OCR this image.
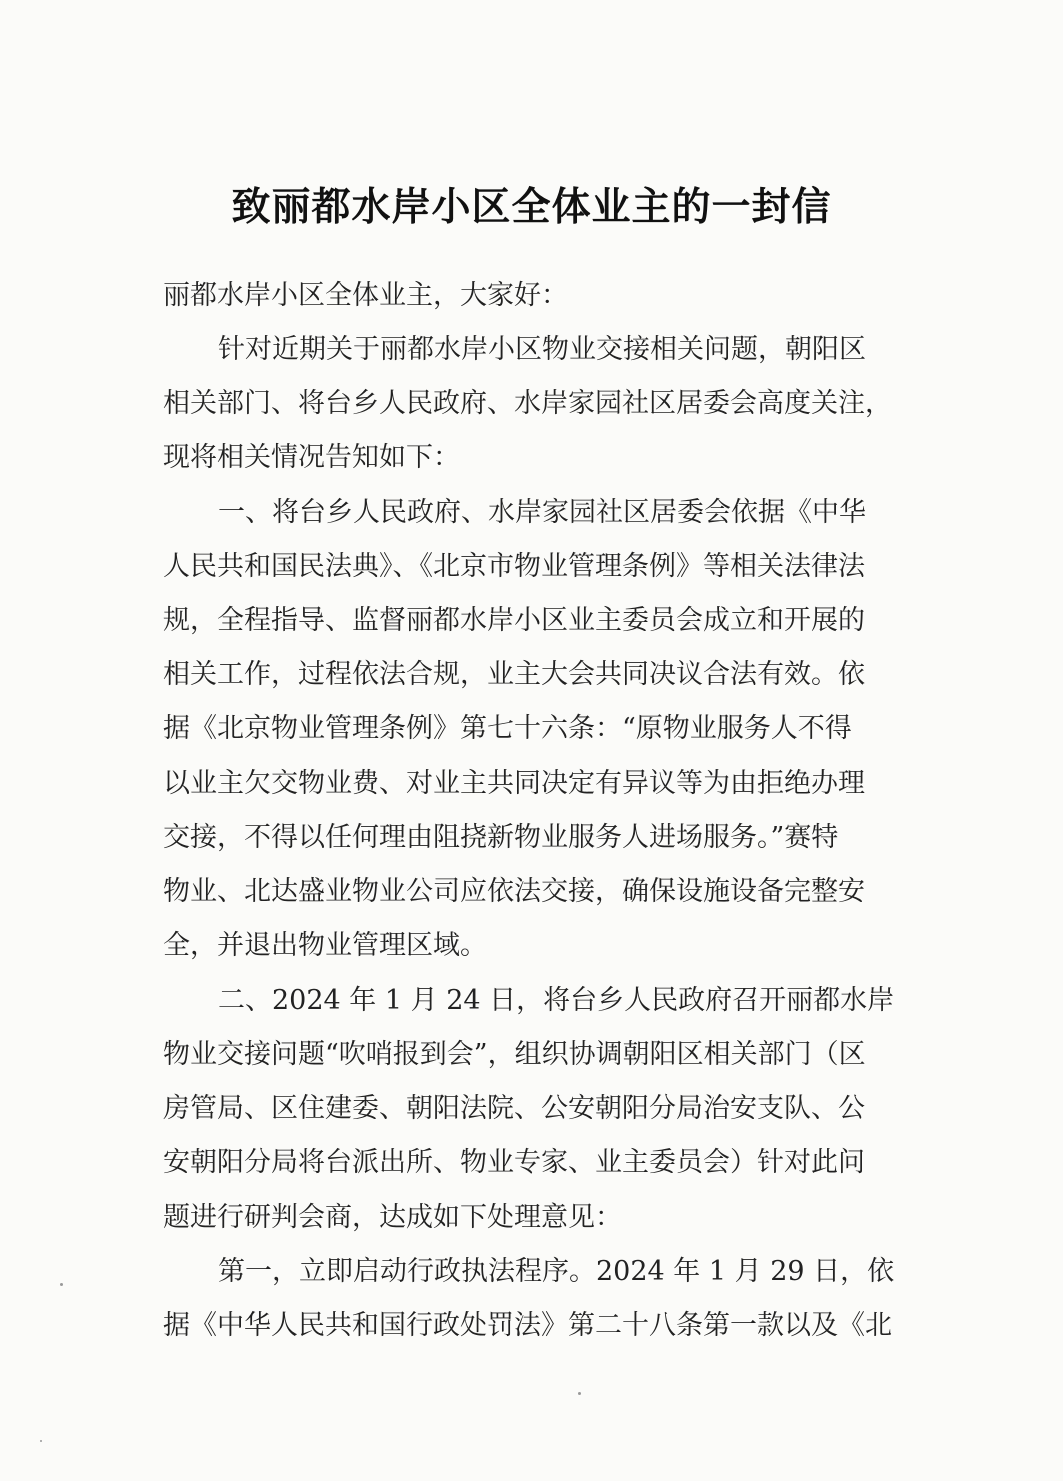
致丽都水岸小区全体业主的一封信
丽都水岸小区全体业主，大家好：
针对近期关于丽都水岸小区物业交接相关问题，朝阳区
相关部门、将台乡人民政府、水岸家园社区居委会高度关注，
现将相关情况告知如下：
一、将台乡人民政府、水岸家园社区居委会依据《中华
人民共和国民法典》、《北京市物业管理条例》等相关法律法
规，全程指导、监督丽都水岸小区业主委员会成立和开展的
相关工作，过程依法合规，业主大会共同决议合法有效。依
据《北京物业管理条例》第七十六条：“原物业服务人不得
以业主欠交物业费、对业主共同决定有异议等为由拒绝办理
交接，不得以任何理由阻挠新物业服务人进场服务。”赛特
物业、北达盛业物业公司应依法交接，确保设施设备完整安
全，并退出物业管理区域。
二、2024 年 1 月 24 日，将台乡人民政府召开丽都水岸
物业交接问题“吹哨报到会”，组织协调朝阳区相关部门（区
房管局、区住建委、朝阳法院、公安朝阳分局治安支队、公
安朝阳分局将台派出所、物业专家、业主委员会）针对此问
题进行研判会商，达成如下处理意见：
第一，立即启动行政执法程序。2024 年 1 月 29 日，依
据《中华人民共和国行政处罚法》第二十八条第一款以及《北
